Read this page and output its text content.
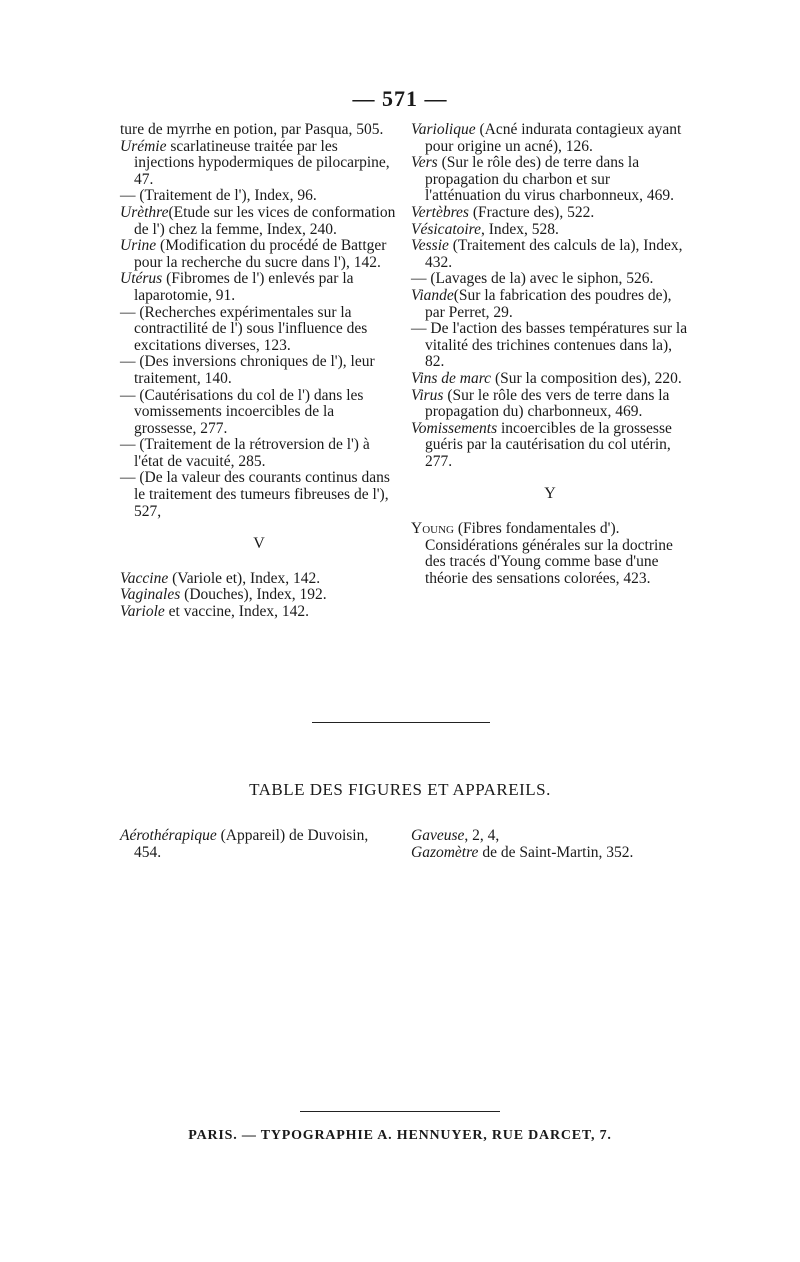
— 571 —

ture de myrrhe en potion, par Pasqua, 505.

Urémie scarlatineuse traitée par les injections hypodermiques de pilocarpine, 47.

— (Traitement de l'), Index, 96.

Urèthre(Etude sur les vices de conformation de l') chez la femme, Index, 240.

Urine (Modification du procédé de Battger pour la recherche du sucre dans l'), 142.

Utérus (Fibromes de l') enlevés par la laparotomie, 91.

— (Recherches expérimentales sur la contractilité de l') sous l'influence des excitations diverses, 123.

— (Des inversions chroniques de l'), leur traitement, 140.

— (Cautérisations du col de l') dans les vomissements incoercibles de la grossesse, 277.

— (Traitement de la rétroversion de l') à l'état de vacuité, 285.

— (De la valeur des courants continus dans le traitement des tumeurs fibreuses de l'), 527,

V

Vaccine (Variole et), Index, 142.

Vaginales (Douches), Index, 192.

Variole et vaccine, Index, 142.

Variolique (Acné indurata contagieux ayant pour origine un acné), 126.

Vers (Sur le rôle des) de terre dans la propagation du charbon et sur l'atténuation du virus charbonneux, 469.

Vertèbres (Fracture des), 522.

Vésicatoire, Index, 528.

Vessie (Traitement des calculs de la), Index, 432.

— (Lavages de la) avec le siphon, 526.

Viande(Sur la fabrication des poudres de), par Perret, 29.

— De l'action des basses températures sur la vitalité des trichines contenues dans la), 82.

Vins de marc (Sur la composition des), 220.

Virus (Sur le rôle des vers de terre dans la propagation du) charbonneux, 469.

Vomissements incoercibles de la grossesse guéris par la cautérisation du col utérin, 277.

Y

Young (Fibres fondamentales d'). Considérations générales sur la doctrine des tracés d'Young comme base d'une théorie des sensations colorées, 423.

TABLE DES FIGURES ET APPAREILS.

Aérothérapique (Appareil) de Duvoisin, 454.

Gaveuse, 2, 4,

Gazomètre de de Saint-Martin, 352.

PARIS. — TYPOGRAPHIE A. HENNUYER, RUE DARCET, 7.
